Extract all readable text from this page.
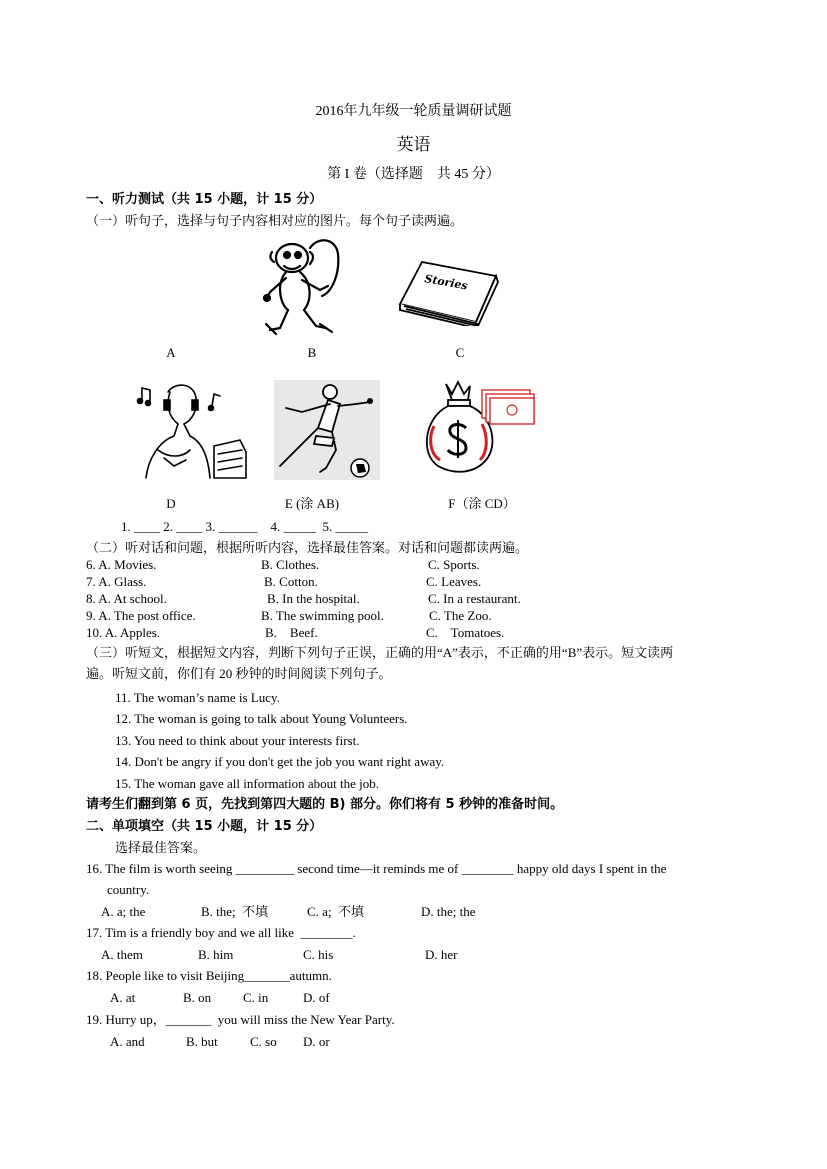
2016年九年级一轮质量调研试题
英语
第 I 卷（选择题　共 45 分）
一、听力测试（共 15 小题，计 15 分）
（一）听句子，选择与句子内容相对应的图片。每个句子读两遍。
Stories
A	B	C
D	E (涂 AB)	F（涂 CD）
1. ____ 2. ____ 3. ______    4. _____  5. _____
（二）听对话和问题，根据所听内容，选择最佳答案。对话和问题都读两遍。
6. A. Movies.	B. Clothes.	C. Sports.
7. A. Glass.	B. Cotton.	C. Leaves.
8. A. At school.	B. In the hospital.	C. In a restaurant.
9. A. The post office.	B. The swimming pool.	C. The Zoo.
10. A. Apples.	B.    Beef.	C.    Tomatoes.
（三）听短文，根据短文内容，判断下列句子正误，正确的用“A”表示，不正确的用“B”表示。短文读两
遍。听短文前，你们有 20 秒钟的时间阅读下列句子。
11. The woman’s name is Lucy.
12. The woman is going to talk about Young Volunteers.
13. You need to think about your interests first.
14. Don't be angry if you don't get the job you want right away.
15. The woman gave all information about the job.
请考生们翻到第 6 页，先找到第四大题的 B) 部分。你们将有 5 秒钟的准备时间。
二、单项填空（共 15 小题，计 15 分）
选择最佳答案。
16. The film is worth seeing _________ second time—it reminds me of ________ happy old days I spent in the
country.
A. a; the	B. the;  不填	C. a;  不填	D. the; the
17. Tim is a friendly boy and we all like  ________.
A. them	B. him	C. his	D. her
18. People like to visit Beijing_______autumn.
A. at	B. on C. in	D. of
19. Hurry up，_______  you will miss the New Year Party.
A. and	B. but C. so D. or
